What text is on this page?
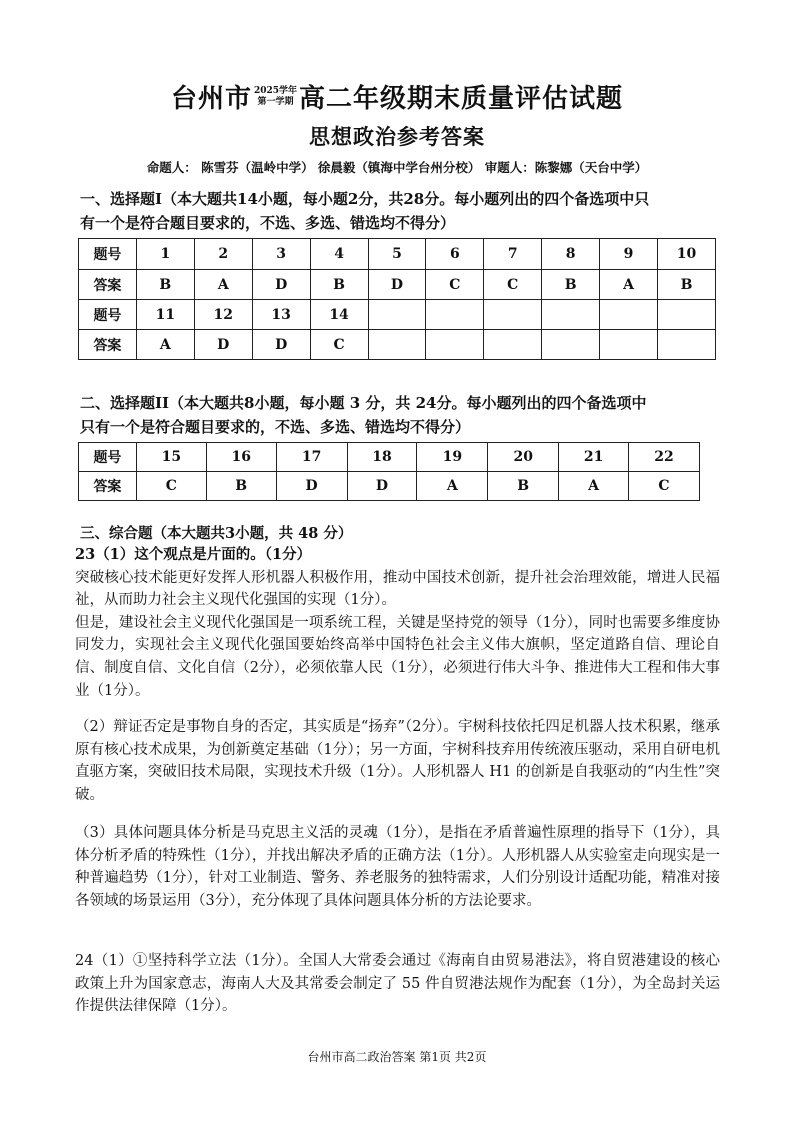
台州市 2025学年
第一学期 高二年级期末质量评估试题
思想政治参考答案
命题人： 陈雪芬（温岭中学） 徐晨毅（镇海中学台州分校） 审题人：陈黎娜（天台中学）
一、选择题I（本大题共14小题，每小题2分，共28分。每小题列出的四个备选项中只
有一个是符合题目要求的，不选、多选、错选均不得分）
题号	1	2	3	4	5	6	7	8	9	10
答案	B	A	D	B	D	C	C	B	A	B
题号	11	12	13	14						
答案	A	D	D	C						
二、选择题II（本大题共8小题，每小题 3 分，共 24分。每小题列出的四个备选项中
只有一个是符合题目要求的，不选、多选、错选均不得分）
题号	15	16	17	18	19	20	21	22
答案	C	B	D	D	A	B	A	C
三、综合题（本大题共3小题，共 48 分）

23（1）这个观点是片面的。（1分）

突破核心技术能更好发挥人形机器人积极作用，推动中国技术创新，提升社会治理效能，增进人民福祉，从而助力社会主义现代化强国的实现（1分）。

但是，建设社会主义现代化强国是一项系统工程，关键是坚持党的领导（1分），同时也需要多维度协同发力，实现社会主义现代化强国要始终高举中国特色社会主义伟大旗帜，坚定道路自信、理论自信、制度自信、文化自信（2分），必须依靠人民（1分），必须进行伟大斗争、推进伟大工程和伟大事业（1分）。

（2）辩证否定是事物自身的否定，其实质是“扬弃”（2分）。宇树科技依托四足机器人技术积累，继承原有核心技术成果，为创新奠定基础（1分）；另一方面，宇树科技弃用传统液压驱动，采用自研电机直驱方案，突破旧技术局限，实现技术升级（1分）。人形机器人 H1 的创新是自我驱动的“内生性”突破。

（3）具体问题具体分析是马克思主义活的灵魂（1分），是指在矛盾普遍性原理的指导下（1分），具体分析矛盾的特殊性（1分），并找出解决矛盾的正确方法（1分）。人形机器人从实验室走向现实是一种普遍趋势（1分），针对工业制造、警务、养老服务的独特需求，人们分别设计适配功能，精准对接各领域的场景运用（3分），充分体现了具体问题具体分析的方法论要求。

24（1）①坚持科学立法（1分）。全国人大常委会通过《海南自由贸易港法》，将自贸港建设的核心政策上升为国家意志，海南人大及其常委会制定了 55 件自贸港法规作为配套（1分），为全岛封关运作提供法律保障（1分）。

台州市高二政治答案 第1页 共2页
